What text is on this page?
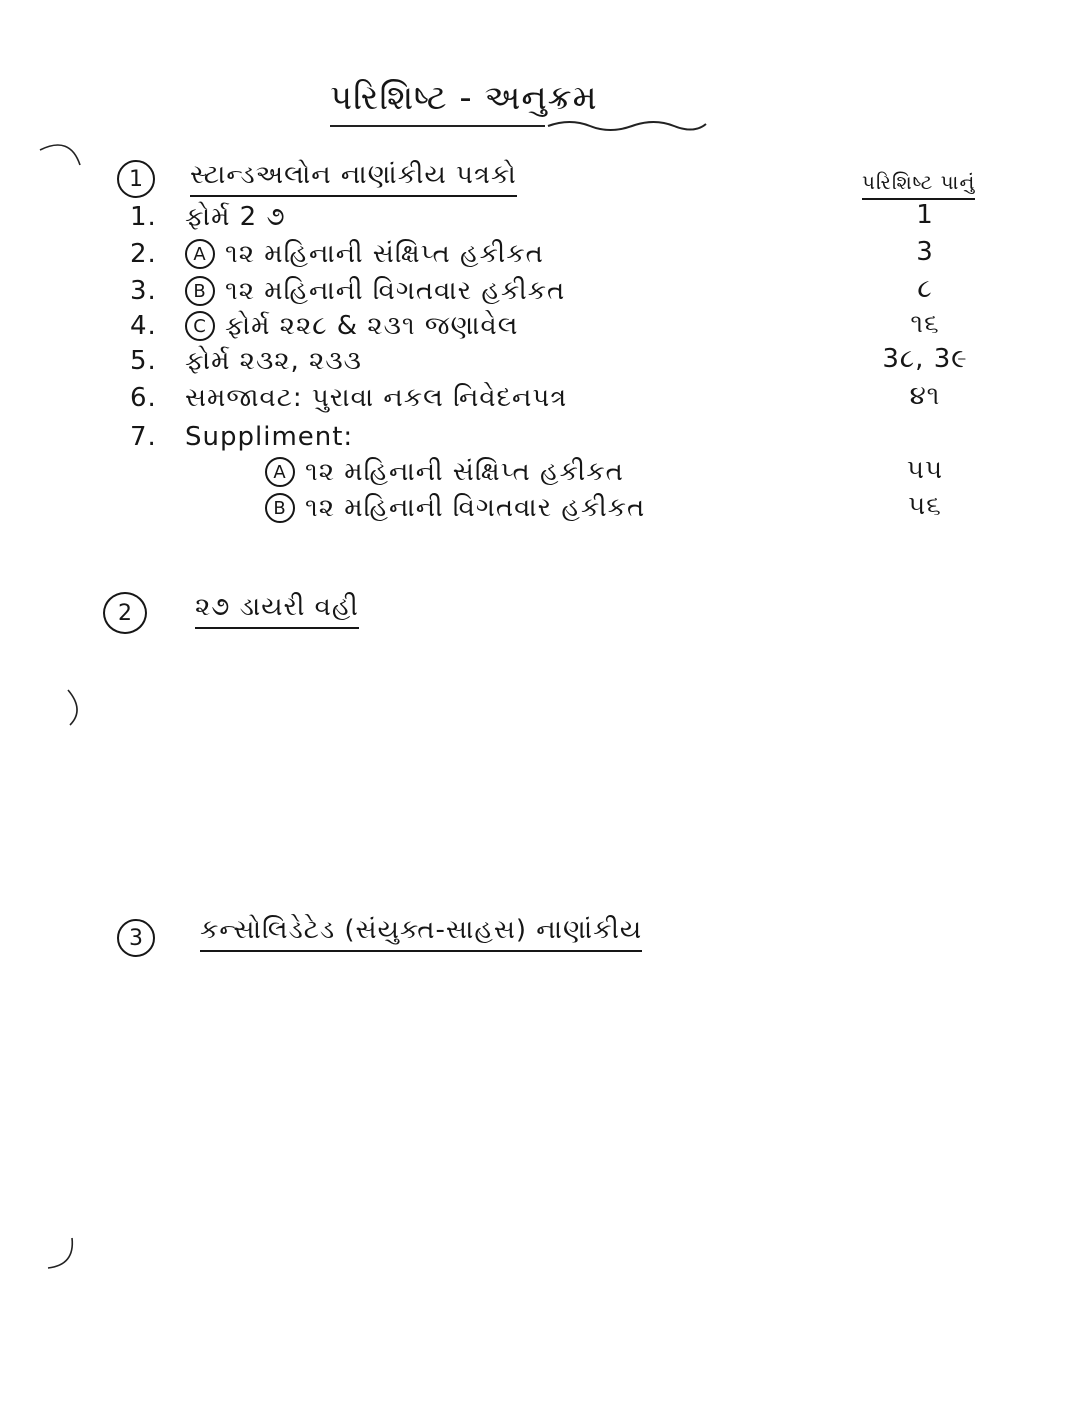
પરિશિષ્ટ - અનુક્રમ
1	સ્ટાન્ડઅલોન નાણાંકીય પત્રકો	પરિશિષ્ટ પાનું
1.	ફોર્મ 2 ૭	1
2.	A ૧૨ મહિનાની સંક્ષિપ્ત હકીકત	3
3.	B ૧૨ મહિનાની વિગતવાર હકીકત	૮
4.	C ફોર્મ ૨૨૮ & ૨૩૧ જણાવેલ	૧૬
5.	ફોર્મ ૨૩૨, ૨૩૩	3૮, 3૯
6.	સમજાવટ: પુરાવા નકલ નિવેદનપત્ર	૪૧
7.	Suppliment:
A ૧૨ મહિનાની સંક્ષિપ્ત હકીકત	૫૫
B ૧૨ મહિનાની વિગતવાર હકીકત	૫૬
2	૨૭ ડાયરી વહી
3	કન્સોલિડેટેડ (સંયુક્ત-સાહસ) નાણાંકીય
